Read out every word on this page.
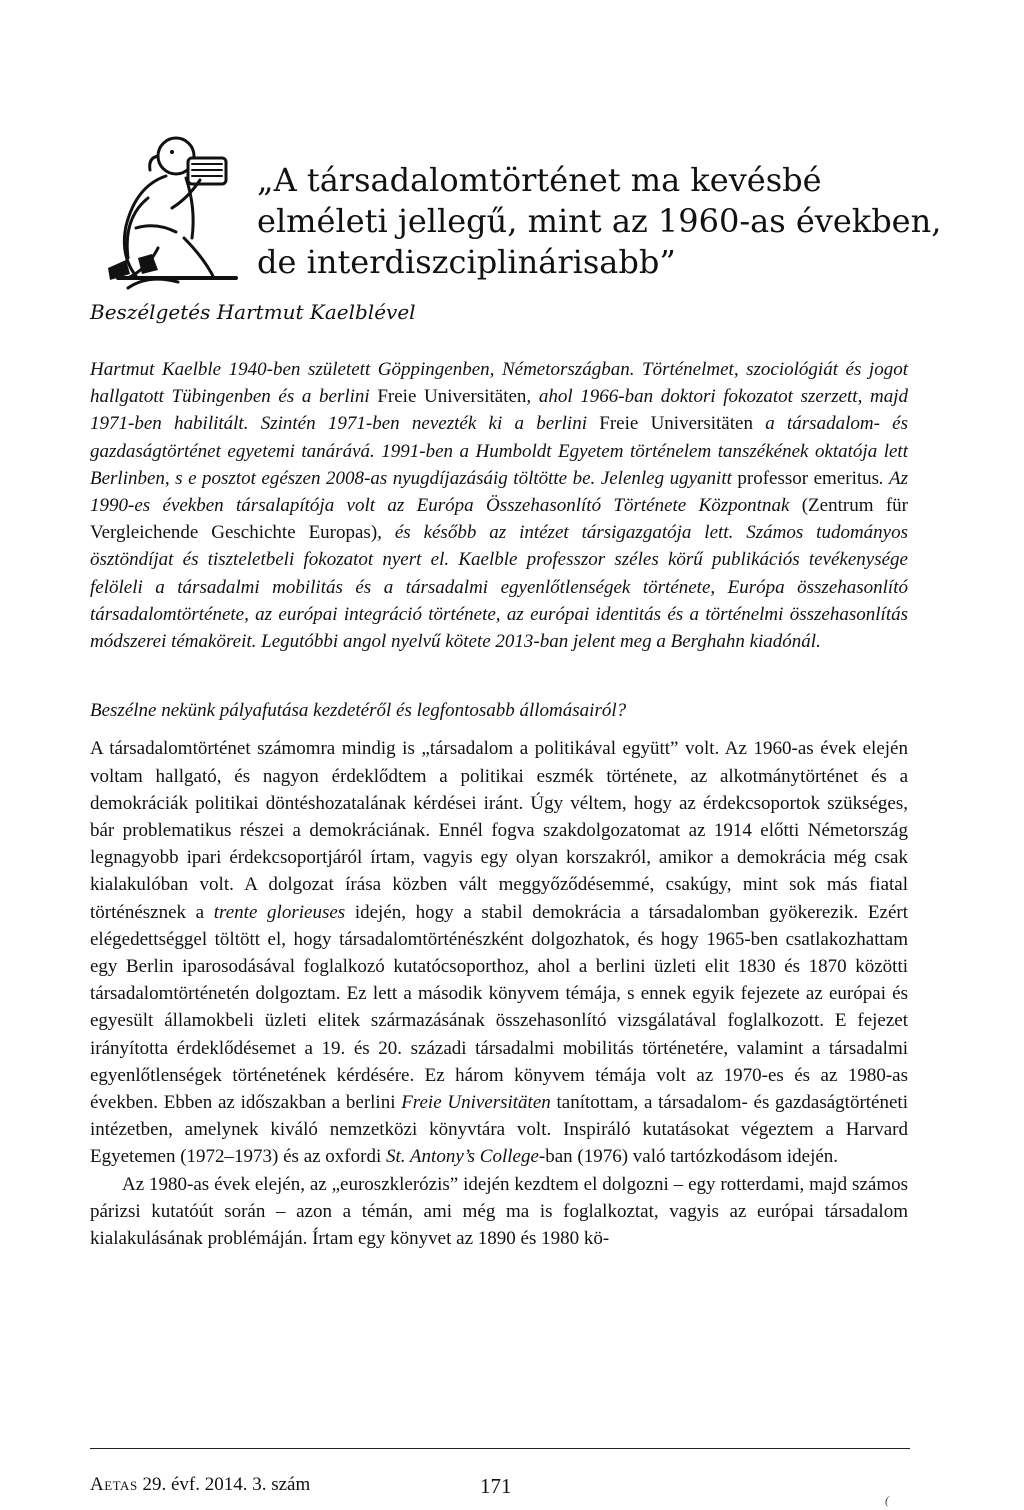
„A társadalomtörténet ma kevésbé
elméleti jellegű, mint az 1960-as években,
de interdiszciplinárisabb”

Beszélgetés Hartmut Kaelblével

Hartmut Kaelble 1940-ben született Göppingenben, Németországban. Történelmet, szociológiát és jogot hallgatott Tübingenben és a berlini Freie Universitäten, ahol 1966-ban doktori fokozatot szerzett, majd 1971-ben habilitált. Szintén 1971-ben nevezték ki a berlini Freie Universitäten a társadalom- és gazdaságtörténet egyetemi tanárává. 1991-ben a Humboldt Egyetem történelem tanszékének oktatója lett Berlinben, s e posztot egészen 2008-as nyugdíjazásáig töltötte be. Jelenleg ugyanitt professor emeritus. Az 1990-es években társalapítója volt az Európa Összehasonlító Története Központnak (Zentrum für Vergleichende Geschichte Europas), és később az intézet társigazgatója lett. Számos tudományos ösztöndíjat és tiszteletbeli fokozatot nyert el. Kaelble professzor széles körű publikációs tevékenysége felöleli a társadalmi mobilitás és a társadalmi egyenlőtlenségek története, Európa összehasonlító társadalomtörténete, az európai integráció története, az európai identitás és a történelmi összehasonlítás módszerei témaköreit. Legutóbbi angol nyelvű kötete 2013-ban jelent meg a Berghahn kiadónál.

Beszélne nekünk pályafutása kezdetéről és legfontosabb állomásairól?

A társadalomtörténet számomra mindig is „társadalom a politikával együtt” volt. Az 1960-as évek elején voltam hallgató, és nagyon érdeklődtem a politikai eszmék története, az alkotmánytörténet és a demokráciák politikai döntéshozatalának kérdései iránt. Úgy véltem, hogy az érdekcsoportok szükséges, bár problematikus részei a demokráciának. Ennél fogva szakdolgozatomat az 1914 előtti Németország legnagyobb ipari érdekcsoportjáról írtam, vagyis egy olyan korszakról, amikor a demokrácia még csak kialakulóban volt. A dolgozat írása közben vált meggyőződésemmé, csakúgy, mint sok más fiatal történésznek a trente glorieuses idején, hogy a stabil demokrácia a társadalomban gyökerezik. Ezért elégedettséggel töltött el, hogy társadalomtörténészként dolgozhatok, és hogy 1965-ben csatlakozhattam egy Berlin iparosodásával foglalkozó kutatócsoporthoz, ahol a berlini üzleti elit 1830 és 1870 közötti társadalomtörténetén dolgoztam. Ez lett a második könyvem témája, s ennek egyik fejezete az európai és egyesült államokbeli üzleti elitek származásának összehasonlító vizsgálatával foglalkozott. E fejezet irányította érdeklődésemet a 19. és 20. századi társadalmi mobilitás történetére, valamint a társadalmi egyenlőtlenségek történetének kérdésére. Ez három könyvem témája volt az 1970-es és az 1980-as években. Ebben az időszakban a berlini Freie Universitäten tanítottam, a társadalom- és gazdaságtörténeti intézetben, amelynek kiváló nemzetközi könyvtára volt. Inspiráló kutatásokat végeztem a Harvard Egyetemen (1972–1973) és az oxfordi St. Antony’s College-ban (1976) való tartózkodásom idején.

Az 1980-as évek elején, az „euroszklerózis” idején kezdtem el dolgozni – egy rotterdami, majd számos párizsi kutatóút során – azon a témán, ami még ma is foglalkoztat, vagyis az európai társadalom kialakulásának problémáján. Írtam egy könyvet az 1890 és 1980 kö-

Aetas 29. évf. 2014. 3. szám	171
(
